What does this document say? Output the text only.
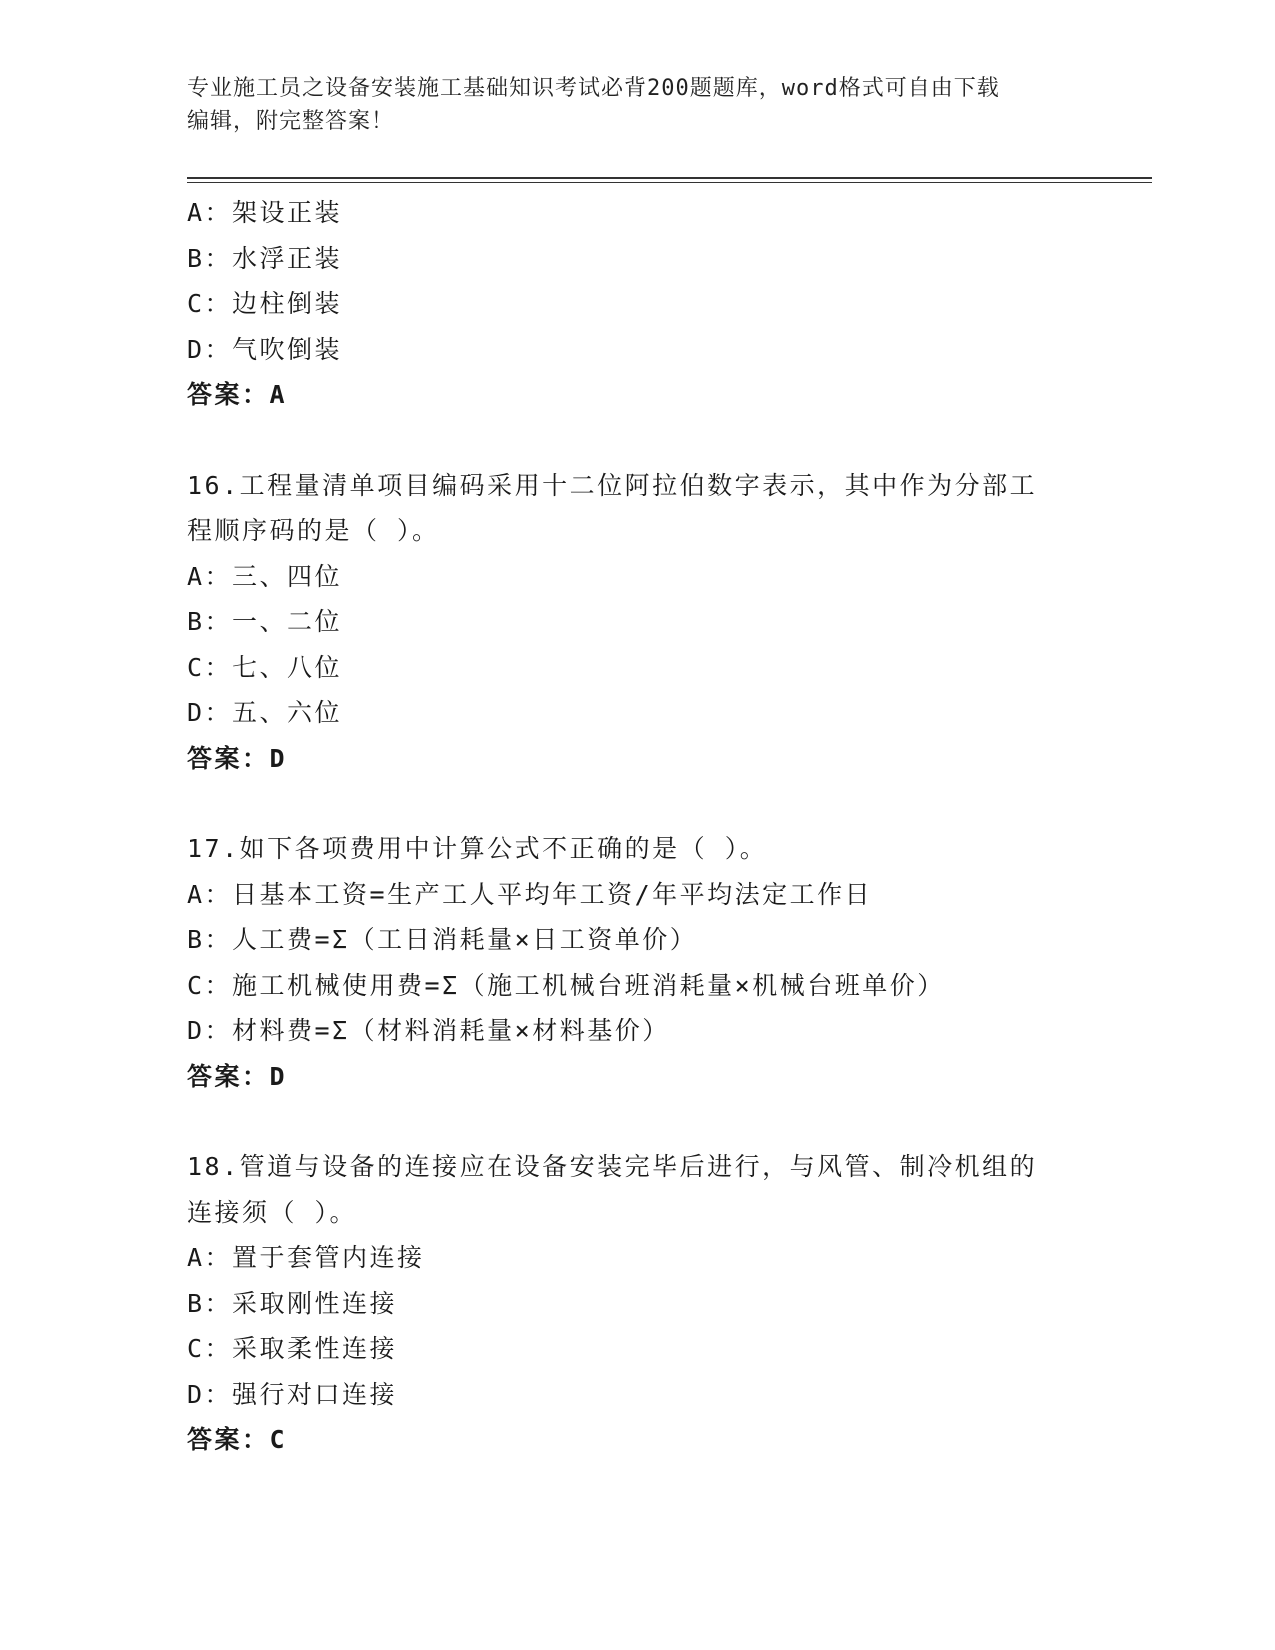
专业施工员之设备安装施工基础知识考试必背200题题库，word格式可自由下载
编辑，附完整答案！
A：架设正装
B：水浮正装
C：边柱倒装
D：气吹倒装
答案：A
16.工程量清单项目编码采用十二位阿拉伯数字表示，其中作为分部工
程顺序码的是（ ）。
A：三、四位
B：一、二位
C：七、八位
D：五、六位
答案：D
17.如下各项费用中计算公式不正确的是（ ）。
A：日基本工资=生产工人平均年工资/年平均法定工作日
B：人工费=Σ（工日消耗量×日工资单价）
C：施工机械使用费=Σ（施工机械台班消耗量×机械台班单价）
D：材料费=Σ（材料消耗量×材料基价）
答案：D
18.管道与设备的连接应在设备安装完毕后进行，与风管、制冷机组的
连接须（ ）。
A：置于套管内连接
B：采取刚性连接
C：采取柔性连接
D：强行对口连接
答案：C
